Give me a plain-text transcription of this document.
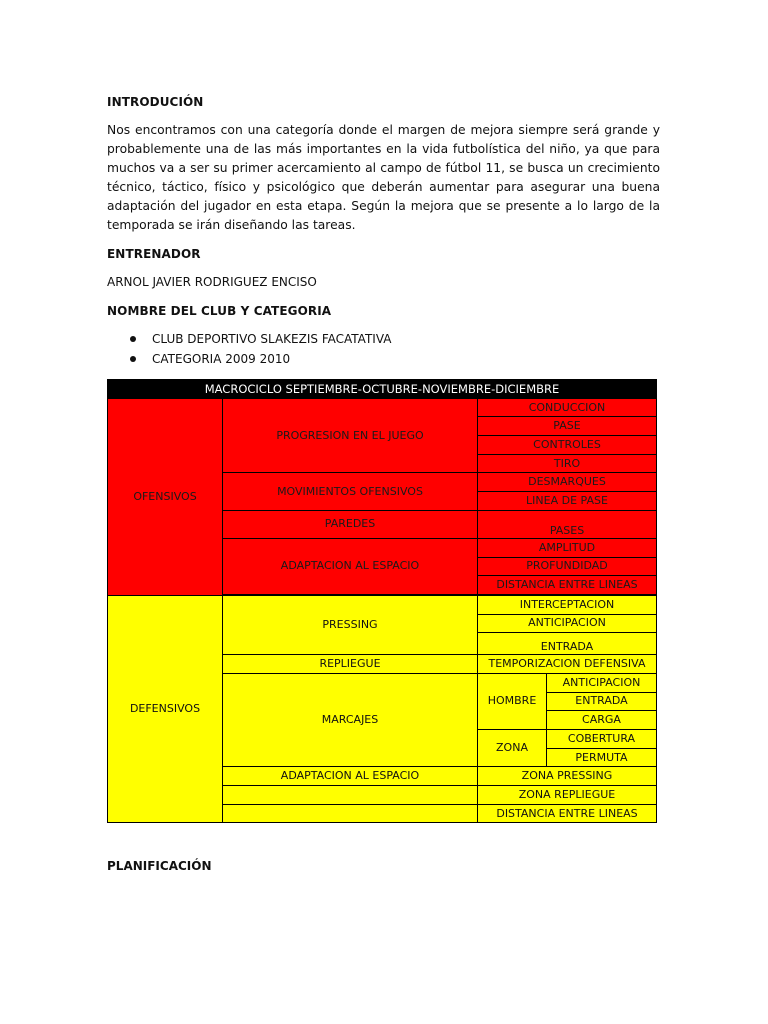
INTRODUCIÓN

Nos encontramos con una categoría donde el margen de mejora siempre será grande y probablemente una de las más importantes en la vida futbolística del niño, ya que para muchos va a ser su primer acercamiento al campo de fútbol 11, se busca un crecimiento técnico, táctico, físico y psicológico que deberán aumentar para asegurar una buena adaptación del jugador en esta etapa. Según la mejora que se presente a lo largo de la temporada se irán diseñando las tareas.

ENTRENADOR
ARNOL JAVIER RODRIGUEZ ENCISO
NOMBRE DEL CLUB Y CATEGORIA
CLUB DEPORTIVO SLAKEZIS FACATATIVA
CATEGORIA 2009 2010
MACROCICLO SEPTIEMBRE-OCTUBRE-NOVIEMBRE-DICIEMBRE			
OFENSIVOS	PROGRESION EN EL JUEGO	CONDUCCION	
		PASE	
		CONTROLES	
		TIRO	
	MOVIMIENTOS OFENSIVOS	DESMARQUES	
		LINEA DE PASE	
	PAREDES	PASES	
	ADAPTACION AL ESPACIO	AMPLITUD	
		PROFUNDIDAD	
		DISTANCIA ENTRE LINEAS	

DEFENSIVOS	PRESSING	INTERCEPTACION	
		ANTICIPACION	
		ENTRADA	
	REPLIEGUE	TEMPORIZACION DEFENSIVA	
	MARCAJES	HOMBRE	ANTICIPACION
			ENTRADA
			CARGA
		ZONA	COBERTURA
			PERMUTA
	ADAPTACION AL ESPACIO	ZONA PRESSING	
		ZONA REPLIEGUE	
		DISTANCIA ENTRE LINEAS	
PLANIFICACIÓN
